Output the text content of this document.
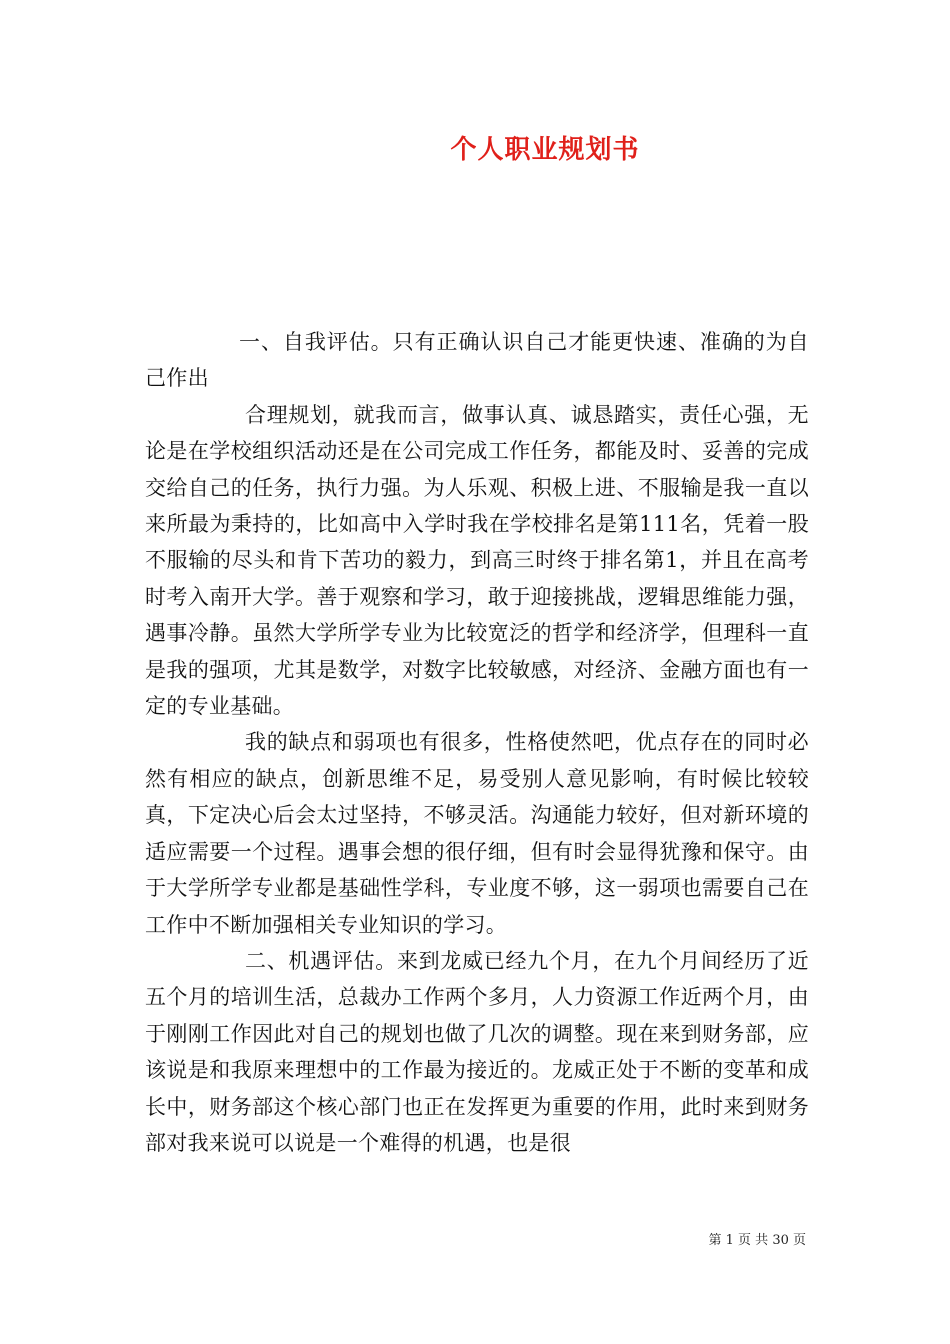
个人职业规划书

一、自我评估。只有正确认识自己才能更快速、准确的为自己作出

合理规划，就我而言，做事认真、诚恳踏实，责任心强，无论是在学校组织活动还是在公司完成工作任务，都能及时、妥善的完成交给自己的任务，执行力强。为人乐观、积极上进、不服输是我一直以来所最为秉持的，比如高中入学时我在学校排名是第111名，凭着一股不服输的尽头和肯下苦功的毅力，到高三时终于排名第1，并且在高考时考入南开大学。善于观察和学习，敢于迎接挑战，逻辑思维能力强，遇事冷静。虽然大学所学专业为比较宽泛的哲学和经济学，但理科一直是我的强项，尤其是数学，对数字比较敏感，对经济、金融方面也有一定的专业基础。

我的缺点和弱项也有很多，性格使然吧，优点存在的同时必然有相应的缺点，创新思维不足，易受别人意见影响，有时候比较较真，下定决心后会太过坚持，不够灵活。沟通能力较好，但对新环境的适应需要一个过程。遇事会想的很仔细，但有时会显得犹豫和保守。由于大学所学专业都是基础性学科，专业度不够，这一弱项也需要自己在工作中不断加强相关专业知识的学习。

二、机遇评估。来到龙威已经九个月，在九个月间经历了近五个月的培训生活，总裁办工作两个多月，人力资源工作近两个月，由于刚刚工作因此对自己的规划也做了几次的调整。现在来到财务部，应该说是和我原来理想中的工作最为接近的。龙威正处于不断的变革和成长中，财务部这个核心部门也正在发挥更为重要的作用，此时来到财务部对我来说可以说是一个难得的机遇，也是很

第 1 页 共 30 页
